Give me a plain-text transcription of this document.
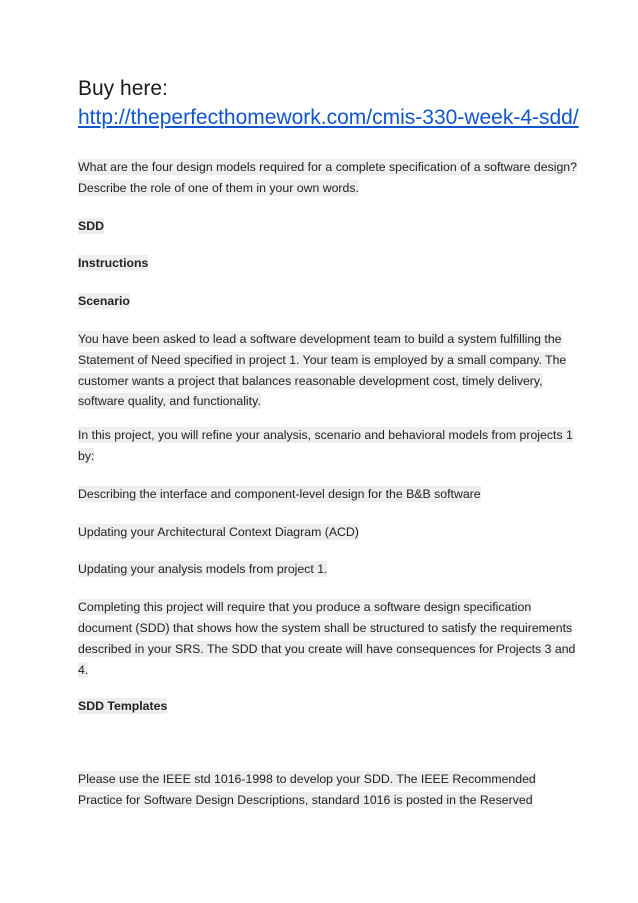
Buy here:

http://theperfecthomework.com/cmis-330-week-4-sdd/

What are the four design models required for a complete specification of a software design? Describe the role of one of them in your own words.

SDD

Instructions

Scenario

You have been asked to lead a software development team to build a system fulfilling the Statement of Need specified in project 1. Your team is employed by a small company. The customer wants a project that balances reasonable development cost, timely delivery, software quality, and functionality.

In this project, you will refine your analysis, scenario and behavioral models from projects 1 by:

Describing the interface and component-level design for the B&B software

Updating your Architectural Context Diagram (ACD)

Updating your analysis models from project 1.

Completing this project will require that you produce a software design specification document (SDD) that shows how the system shall be structured to satisfy the requirements described in your SRS. The SDD that you create will have consequences for Projects 3 and 4.

SDD Templates

Please use the IEEE std 1016-1998 to develop your SDD. The IEEE Recommended Practice for Software Design Descriptions, standard 1016 is posted in the Reserved
